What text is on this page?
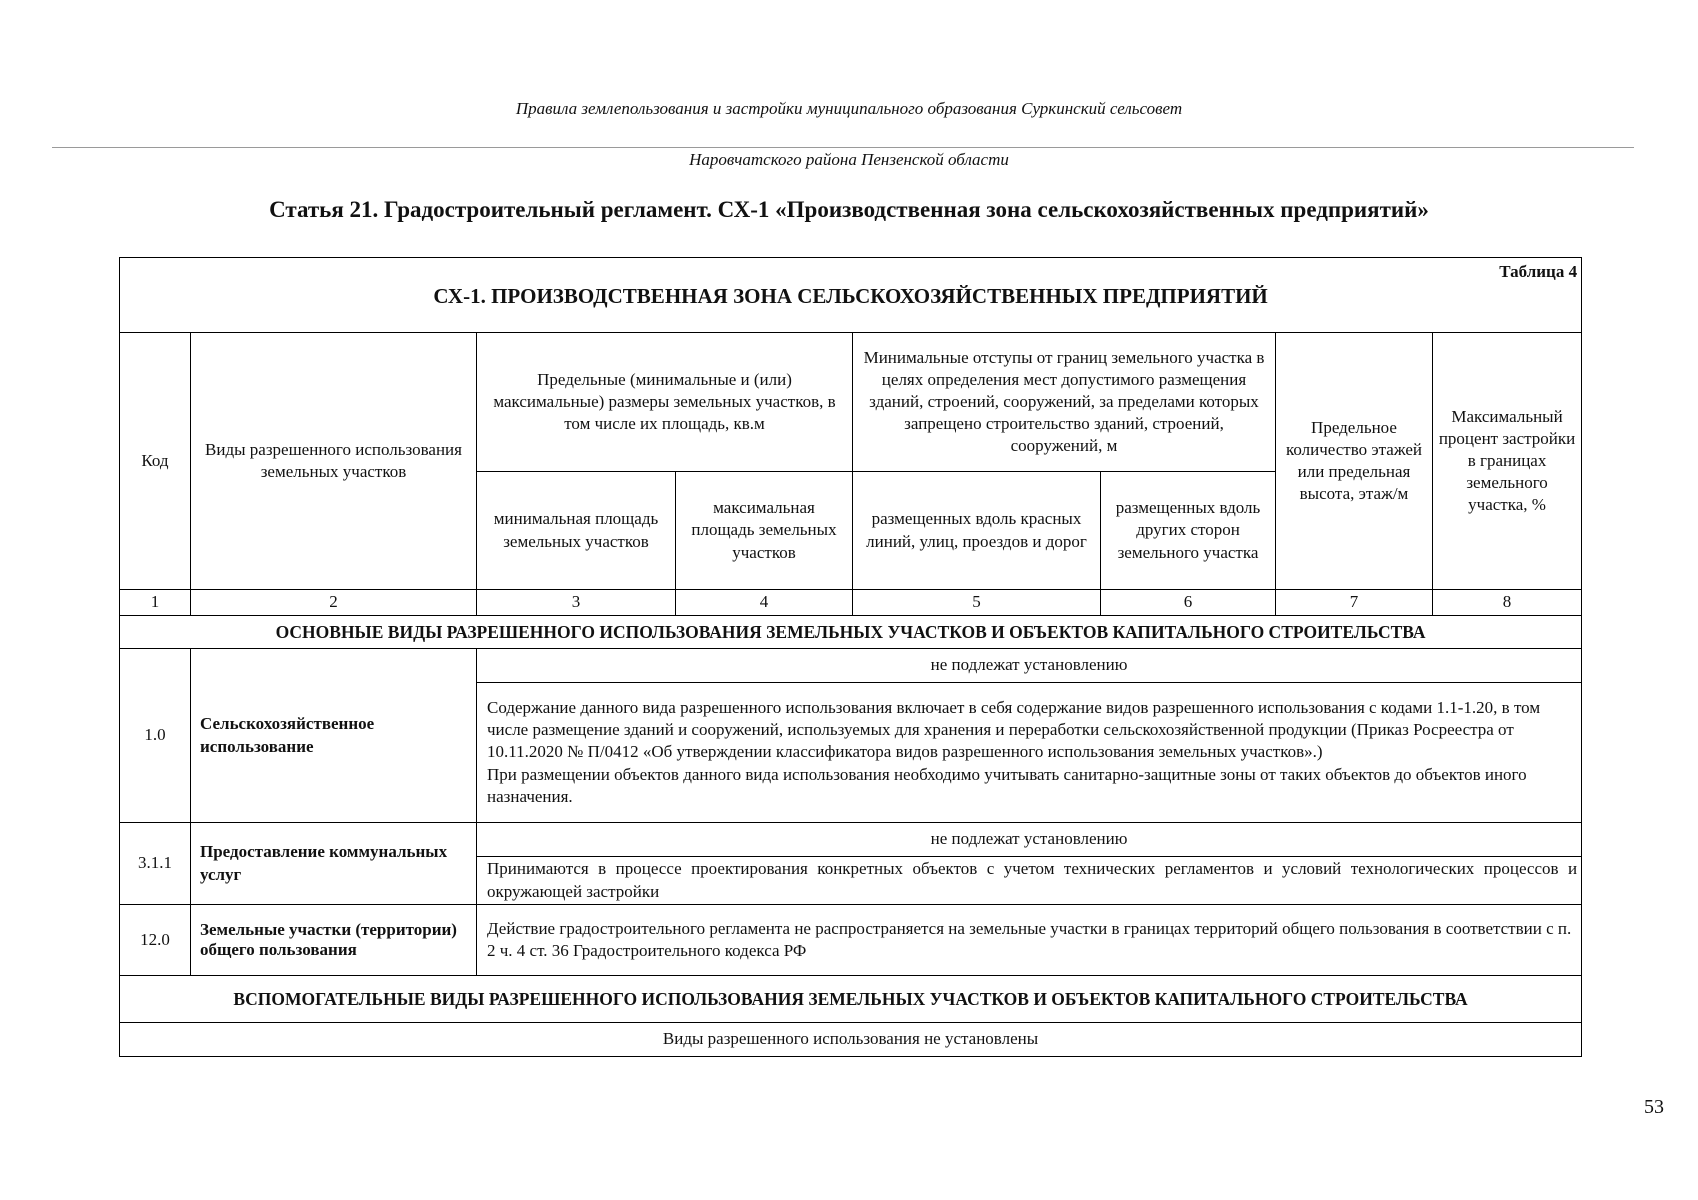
Правила землепользования и застройки муниципального образования Суркинский сельсовет
Наровчатского района Пензенской области
Статья 21. Градостроительный регламент. СХ-1 «Производственная зона сельскохозяйственных предприятий»
Таблица 4
СХ-1. ПРОИЗВОДСТВЕННАЯ ЗОНА СЕЛЬСКОХОЗЯЙСТВЕННЫХ ПРЕДПРИЯТИЙ							

Код	Виды разрешенного использования земельных участков	Предельные (минимальные и (или) максимальные) размеры земельных участков, в том числе их площадь, кв.м		Минимальные отступы от границ земельного участка в целях определения мест допустимого размещения зданий, строений, сооружений, за пределами которых запрещено строительство зданий, строений, сооружений, м		Предельное количество этажей или предельная высота, этаж/м	Максимальный процент застройки в границах земельного участка, %
		минимальная площадь земельных участков	максимальная площадь земельных участков	размещенных вдоль красных линий, улиц, проездов и дорог	размещенных вдоль других сторон земельного участка		
1	2	3	4	5	6	7	8
ОСНОВНЫЕ ВИДЫ РАЗРЕШЕННОГО ИСПОЛЬЗОВАНИЯ ЗЕМЕЛЬНЫХ УЧАСТКОВ И ОБЪЕКТОВ КАПИТАЛЬНОГО СТРОИТЕЛЬСТВА							
1.0	Сельскохозяйственное использование	не подлежат установлению					

		Содержание данного вида разрешенного использования включает в себя содержание видов разрешенного использования с кодами 1.1-1.20, в том числе размещение зданий и сооружений, используемых для хранения и переработки сельскохозяйственной продукции (Приказ Росреестра от 10.11.2020 № П/0412 «Об утверждении классификатора видов разрешенного использования земельных участков».)
При размещении объектов данного вида использования необходимо учитывать санитарно-защитные зоны от таких объектов до объектов иного назначения.					

3.1.1	Предоставление коммунальных услуг	не подлежат установлению					
		Принимаются в процессе проектирования конкретных объектов с учетом технических регламентов и условий технологических процессов и окружающей застройки					
12.0	Земельные участки (территории) общего пользования	Действие градостроительного регламента не распространяется на земельные участки в границах территорий общего пользования в соответствии с п. 2 ч. 4 ст. 36 Градостроительного кодекса РФ					
ВСПОМОГАТЕЛЬНЫЕ ВИДЫ РАЗРЕШЕННОГО ИСПОЛЬЗОВАНИЯ ЗЕМЕЛЬНЫХ УЧАСТКОВ И ОБЪЕКТОВ КАПИТАЛЬНОГО СТРОИТЕЛЬСТВА							
Виды разрешенного использования не установлены							
53
